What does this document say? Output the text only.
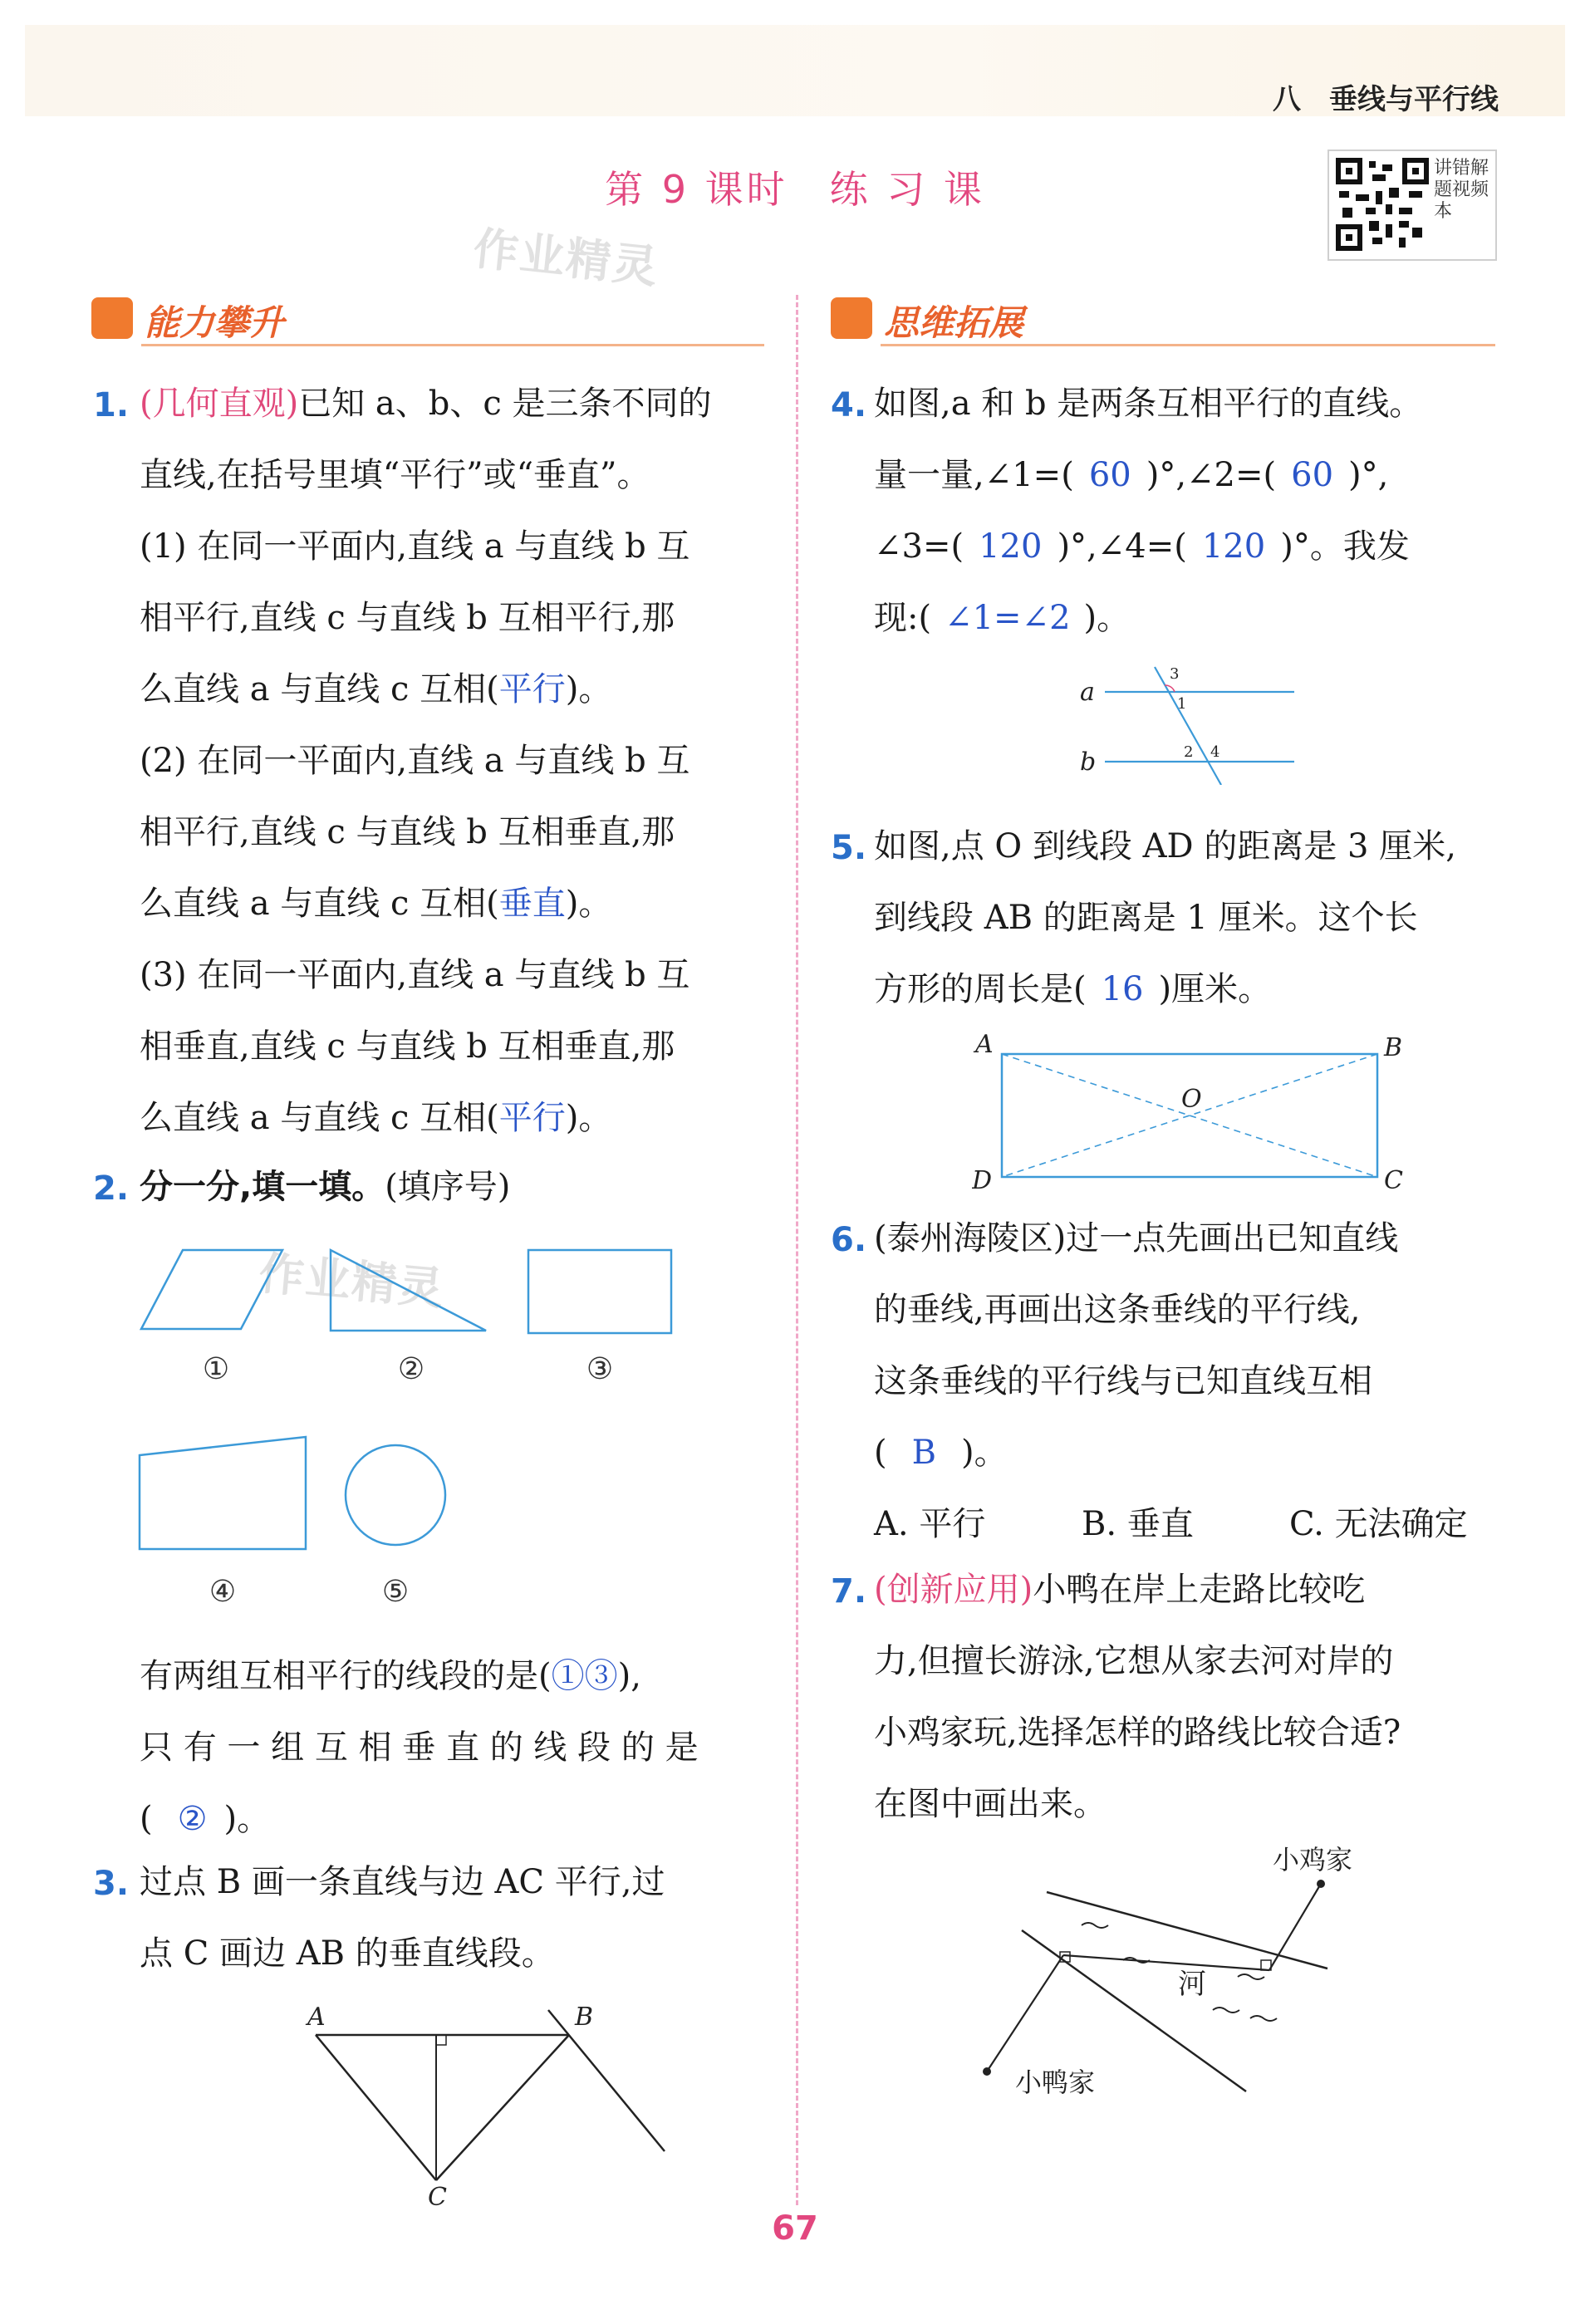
八　垂线与平行线
第 9 课时　练 习 课	讲错解题视频本
作业精灵
作业精灵
能力攀升	思维拓展
1. (几何直观)已知 a、b、c 是三条不同的
直线,在括号里填“平行”或“垂直”。
(1) 在同一平面内,直线 a 与直线 b 互
相平行,直线 c 与直线 b 互相平行,那
么直线 a 与直线 c 互相(平行)。
(2) 在同一平面内,直线 a 与直线 b 互
相平行,直线 c 与直线 b 互相垂直,那
么直线 a 与直线 c 互相(垂直)。
(3) 在同一平面内,直线 a 与直线 b 互
相垂直,直线 c 与直线 b 互相垂直,那
么直线 a 与直线 c 互相(平行)。
2. 分一分,填一填。(填序号)
①	②	③
④	⑤
有两组互相平行的线段的是(①③),
只 有 一 组 互 相 垂 直 的 线 段 的 是
( ② )。
3. 过点 B 画一条直线与边 AC 平行,过
点 C 画边 AB 的垂直线段。
A	B
C
4. 如图,a 和 b 是两条互相平行的直线。
量一量,∠1=( 60 )°,∠2=( 60 )°,
∠3=( 120 )°,∠4=( 120 )°。我发
现:( ∠1=∠2 )。
a
b
1
2
3
4
5. 如图,点 O 到线段 AD 的距离是 3 厘米,
到线段 AB 的距离是 1 厘米。这个长
方形的周长是( 16 )厘米。
A	B
C
D
O
6. (泰州海陵区)过一点先画出已知直线
的垂线,再画出这条垂线的平行线,
这条垂线的平行线与已知直线互相
( B )。
A. 平行	B. 垂直	C. 无法确定
7. (创新应用)小鸭在岸上走路比较吃
力,但擅长游泳,它想从家去河对岸的
小鸡家玩,选择怎样的路线比较合适?
在图中画出来。
小鸡家
小鸭家
河
67
